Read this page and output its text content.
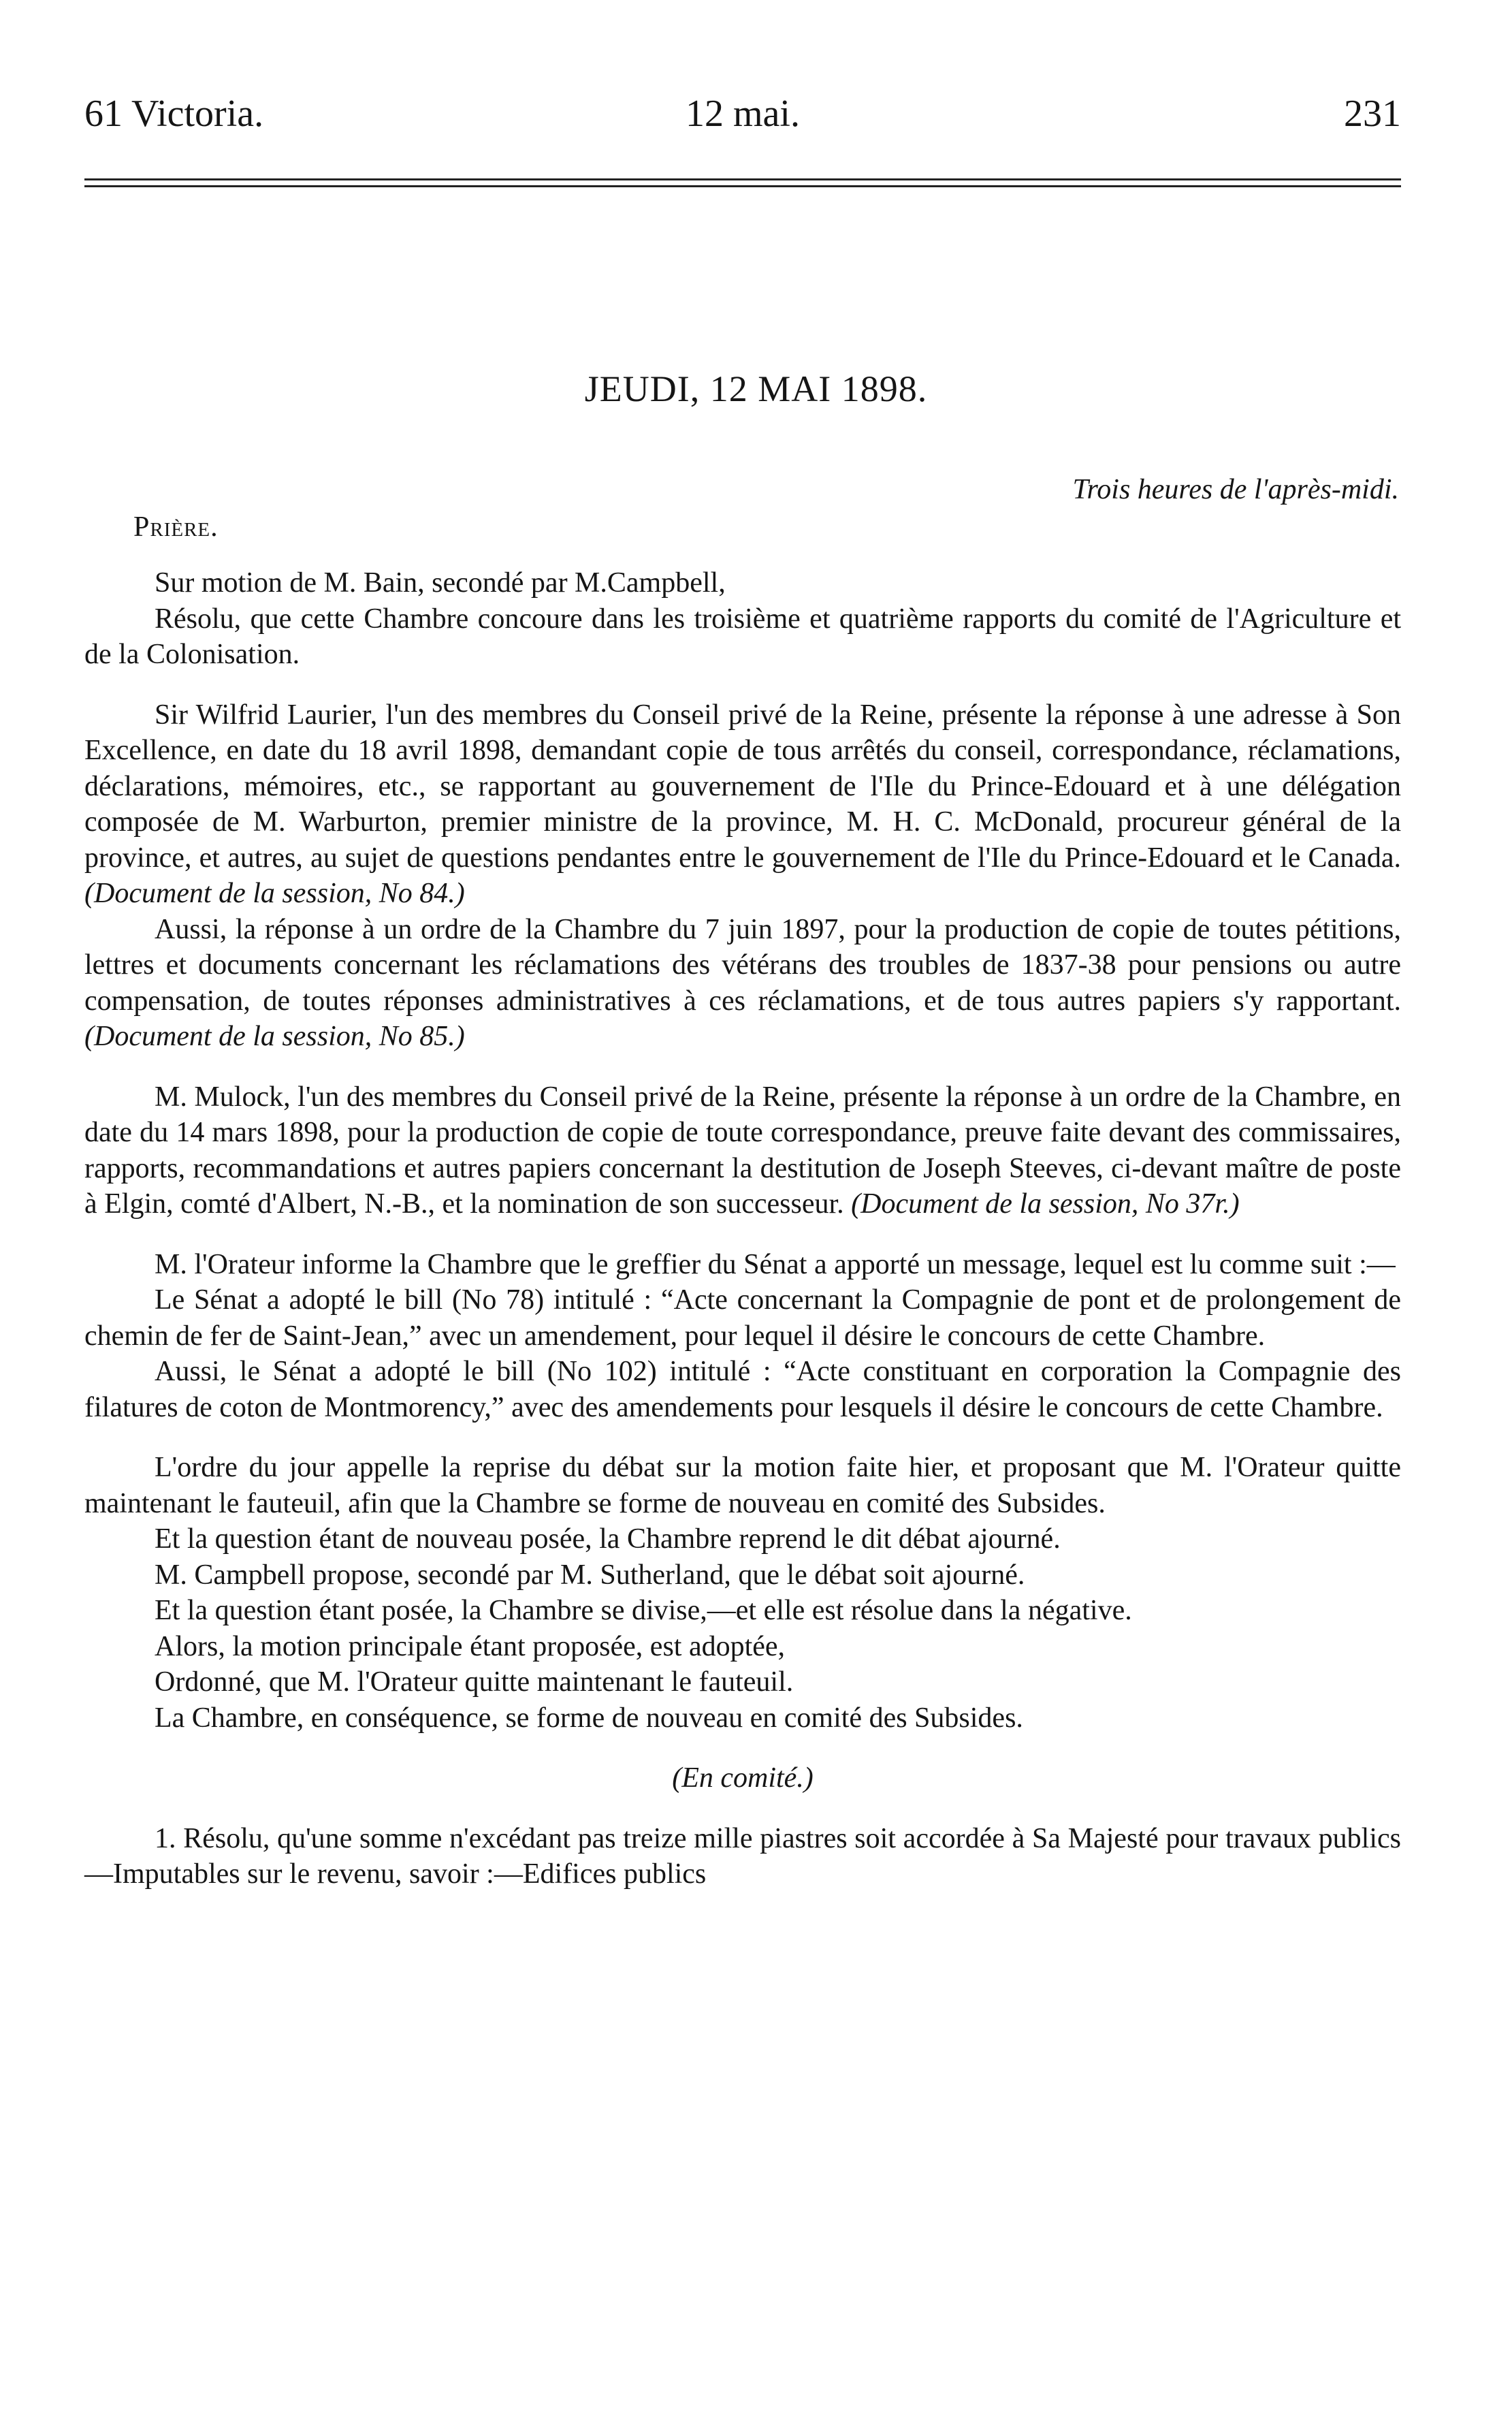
61 Victoria.	12 mai.	231
JEUDI, 12 MAI 1898.
Trois heures de l'après-midi.
Prière.

Sur motion de M. Bain, secondé par M.Campbell,

Résolu, que cette Chambre concoure dans les troisième et quatrième rapports du comité de l'Agriculture et de la Colonisation.

Sir Wilfrid Laurier, l'un des membres du Conseil privé de la Reine, présente la réponse à une adresse à Son Excellence, en date du 18 avril 1898, demandant copie de tous arrêtés du conseil, correspondance, réclamations, déclarations, mémoires, etc., se rapportant au gouvernement de l'Ile du Prince-Edouard et à une délégation composée de M. Warburton, premier ministre de la province, M. H. C. McDonald, procureur général de la province, et autres, au sujet de questions pendantes entre le gouvernement de l'Ile du Prince-Edouard et le Canada. (Document de la session, No 84.)

Aussi, la réponse à un ordre de la Chambre du 7 juin 1897, pour la production de copie de toutes pétitions, lettres et documents concernant les réclamations des vétérans des troubles de 1837-38 pour pensions ou autre compensation, de toutes réponses administratives à ces réclamations, et de tous autres papiers s'y rapportant. (Document de la session, No 85.)

M. Mulock, l'un des membres du Conseil privé de la Reine, présente la réponse à un ordre de la Chambre, en date du 14 mars 1898, pour la production de copie de toute correspondance, preuve faite devant des commissaires, rapports, recommandations et autres papiers concernant la destitution de Joseph Steeves, ci-devant maître de poste à Elgin, comté d'Albert, N.-B., et la nomination de son successeur. (Document de la session, No 37r.)

M. l'Orateur informe la Chambre que le greffier du Sénat a apporté un message, lequel est lu comme suit :—

Le Sénat a adopté le bill (No 78) intitulé : “Acte concernant la Compagnie de pont et de prolongement de chemin de fer de Saint-Jean,” avec un amendement, pour lequel il désire le concours de cette Chambre.

Aussi, le Sénat a adopté le bill (No 102) intitulé : “Acte constituant en corporation la Compagnie des filatures de coton de Montmorency,” avec des amendements pour lesquels il désire le concours de cette Chambre.

L'ordre du jour appelle la reprise du débat sur la motion faite hier, et proposant que M. l'Orateur quitte maintenant le fauteuil, afin que la Chambre se forme de nouveau en comité des Subsides.

Et la question étant de nouveau posée, la Chambre reprend le dit débat ajourné.

M. Campbell propose, secondé par M. Sutherland, que le débat soit ajourné.

Et la question étant posée, la Chambre se divise,—et elle est résolue dans la négative.

Alors, la motion principale étant proposée, est adoptée,

Ordonné, que M. l'Orateur quitte maintenant le fauteuil.

La Chambre, en conséquence, se forme de nouveau en comité des Subsides.

(En comité.)

1. Résolu, qu'une somme n'excédant pas treize mille piastres soit accordée à Sa Majesté pour travaux publics—Imputables sur le revenu, savoir :—Edifices publics
